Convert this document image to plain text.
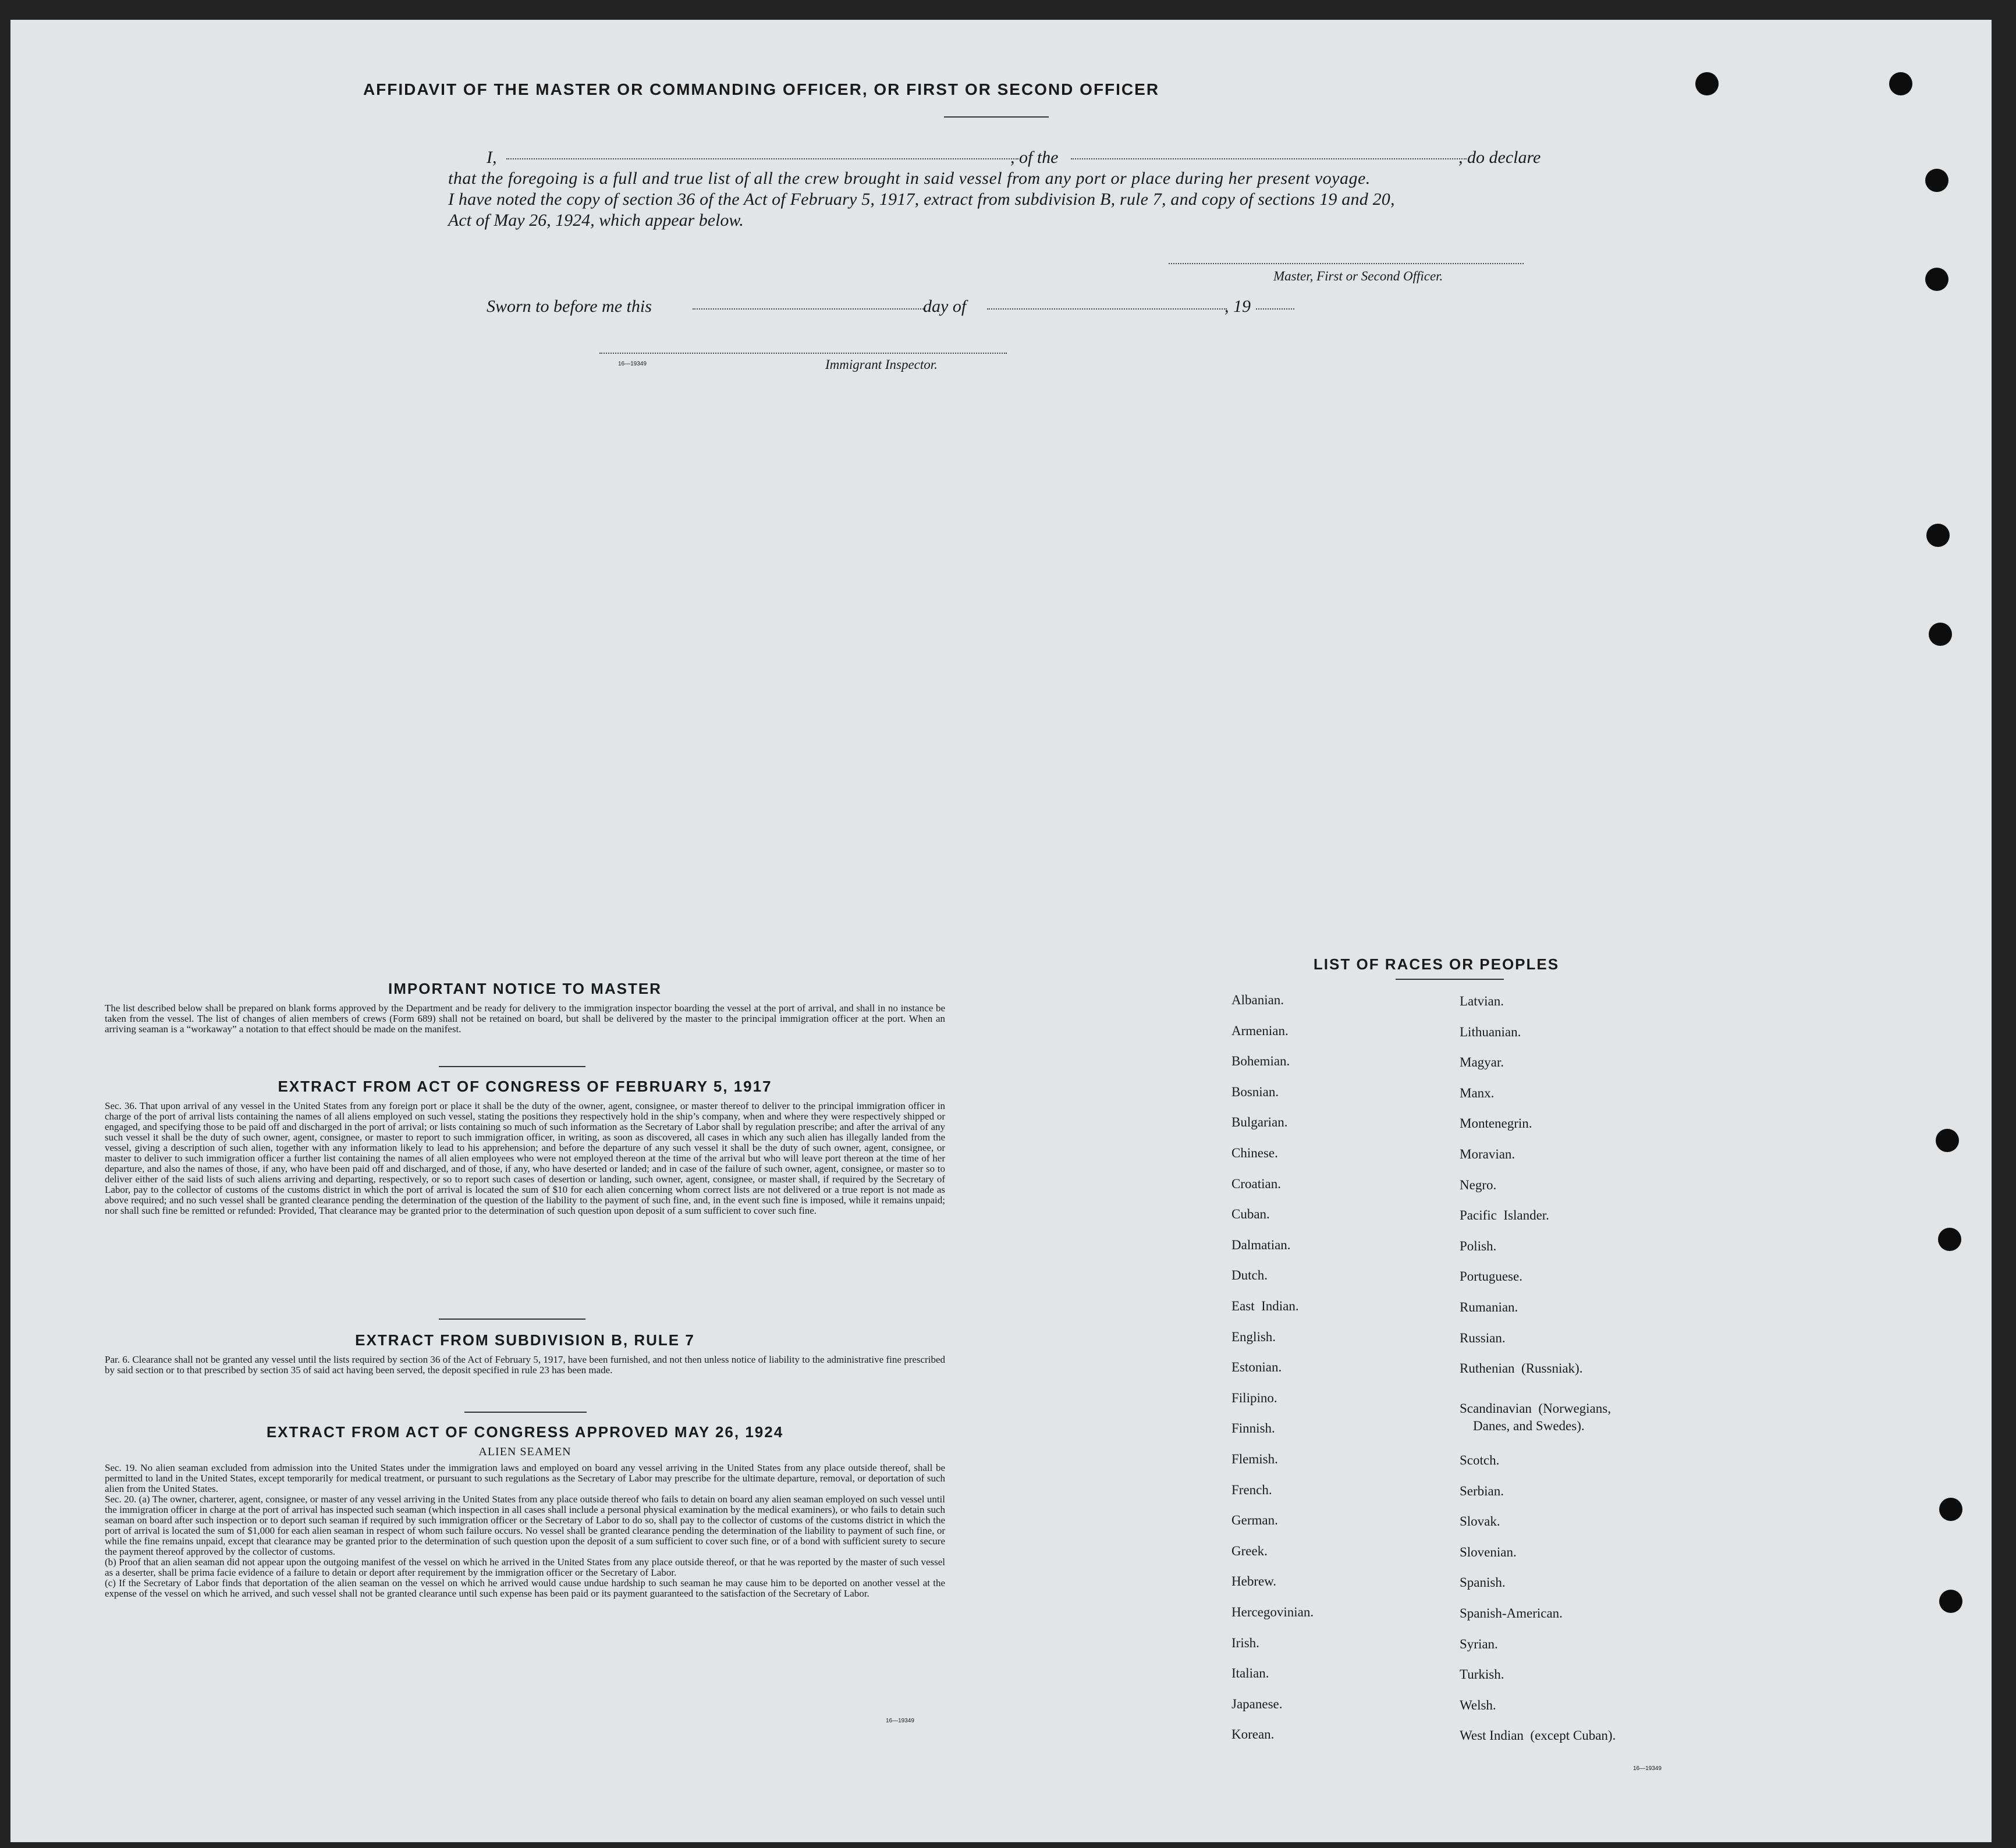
AFFIDAVIT OF THE MASTER OR COMMANDING OFFICER, OR FIRST OR SECOND OFFICER
I,	, of the	, do declare
that the foregoing is a full and true list of all the crew brought in said vessel from any port or place during her present voyage.
I have noted the copy of section 36 of the Act of February 5, 1917, extract from subdivision B, rule 7, and copy of sections 19 and 20,
Act of May 26, 1924, which appear below.
Master, First or Second Officer.
Sworn to before me this	day of	, 19
16—19349	Immigrant Inspector.
IMPORTANT NOTICE TO MASTER
The list described below shall be prepared on blank forms approved by the Department and be ready for delivery to the immigration inspector boarding the vessel at the port of arrival, and shall in no instance be taken from the vessel. The list of changes of alien members of crews (Form 689) shall not be retained on board, but shall be delivered by the master to the principal immigration officer at the port. When an arriving seaman is a “workaway” a notation to that effect should be made on the manifest.
EXTRACT FROM ACT OF CONGRESS OF FEBRUARY 5, 1917
Sec. 36. That upon arrival of any vessel in the United States from any foreign port or place it shall be the duty of the owner, agent, consignee, or master thereof to deliver to the principal immigration officer in charge of the port of arrival lists containing the names of all aliens employed on such vessel, stating the positions they respectively hold in the ship’s company, when and where they were respectively shipped or engaged, and specifying those to be paid off and discharged in the port of arrival; or lists containing so much of such information as the Secretary of Labor shall by regulation prescribe; and after the arrival of any such vessel it shall be the duty of such owner, agent, consignee, or master to report to such immigration officer, in writing, as soon as discovered, all cases in which any such alien has illegally landed from the vessel, giving a description of such alien, together with any information likely to lead to his apprehension; and before the departure of any such vessel it shall be the duty of such owner, agent, consignee, or master to deliver to such immigration officer a further list containing the names of all alien employees who were not employed thereon at the time of the arrival but who will leave port thereon at the time of her departure, and also the names of those, if any, who have been paid off and discharged, and of those, if any, who have deserted or landed; and in case of the failure of such owner, agent, consignee, or master so to deliver either of the said lists of such aliens arriving and departing, respectively, or so to report such cases of desertion or landing, such owner, agent, consignee, or master shall, if required by the Secretary of Labor, pay to the collector of customs of the customs district in which the port of arrival is located the sum of $10 for each alien concerning whom correct lists are not delivered or a true report is not made as above required; and no such vessel shall be granted clearance pending the determination of the question of the liability to the payment of such fine, and, in the event such fine is imposed, while it remains unpaid; nor shall such fine be remitted or refunded: Provided, That clearance may be granted prior to the determination of such question upon deposit of a sum sufficient to cover such fine.
EXTRACT FROM SUBDIVISION B, RULE 7
Par. 6. Clearance shall not be granted any vessel until the lists required by section 36 of the Act of February 5, 1917, have been furnished, and not then unless notice of liability to the administrative fine prescribed by said section or to that prescribed by section 35 of said act having been served, the deposit specified in rule 23 has been made.
EXTRACT FROM ACT OF CONGRESS APPROVED MAY 26, 1924
ALIEN SEAMEN
Sec. 19. No alien seaman excluded from admission into the United States under the immigration laws and employed on board any vessel arriving in the United States from any place outside thereof, shall be permitted to land in the United States, except temporarily for medical treatment, or pursuant to such regulations as the Secretary of Labor may prescribe for the ultimate departure, removal, or deportation of such alien from the United States.
Sec. 20. (a) The owner, charterer, agent, consignee, or master of any vessel arriving in the United States from any place outside thereof who fails to detain on board any alien seaman employed on such vessel until the immigration officer in charge at the port of arrival has inspected such seaman (which inspection in all cases shall include a personal physical examination by the medical examiners), or who fails to detain such seaman on board after such inspection or to deport such seaman if required by such immigration officer or the Secretary of Labor to do so, shall pay to the collector of customs of the customs district in which the port of arrival is located the sum of $1,000 for each alien seaman in respect of whom such failure occurs. No vessel shall be granted clearance pending the determination of the liability to payment of such fine, or while the fine remains unpaid, except that clearance may be granted prior to the determination of such question upon the deposit of a sum sufficient to cover such fine, or of a bond with sufficient surety to secure the payment thereof approved by the collector of customs.
(b) Proof that an alien seaman did not appear upon the outgoing manifest of the vessel on which he arrived in the United States from any place outside thereof, or that he was reported by the master of such vessel as a deserter, shall be prima facie evidence of a failure to detain or deport after requirement by the immigration officer or the Secretary of Labor.
(c) If the Secretary of Labor finds that deportation of the alien seaman on the vessel on which he arrived would cause undue hardship to such seaman he may cause him to be deported on another vessel at the expense of the vessel on which he arrived, and such vessel shall not be granted clearance until such expense has been paid or its payment guaranteed to the satisfaction of the Secretary of Labor.
16—19349
LIST OF RACES OR PEOPLES
16—19349
Albanian.
Armenian.
Bohemian.
Bosnian.
Bulgarian.
Chinese.
Croatian.
Cuban.
Dalmatian.
Dutch.
East  Indian.
English.
Estonian.
Filipino.
Finnish.
Flemish.
French.
German.
Greek.
Hebrew.
Hercegovinian.
Irish.
Italian.
Japanese.
Korean.
Latvian.
Lithuanian.
Magyar.
Manx.
Montenegrin.
Moravian.
Negro.
Pacific  Islander.
Polish.
Portuguese.
Rumanian.
Russian.
Ruthenian  (Russniak).
Scandinavian  (Norwegians,
Danes, and Swedes).
Scotch.
Serbian.
Slovak.
Slovenian.
Spanish.
Spanish-American.
Syrian.
Turkish.
Welsh.
West Indian  (except Cuban).
